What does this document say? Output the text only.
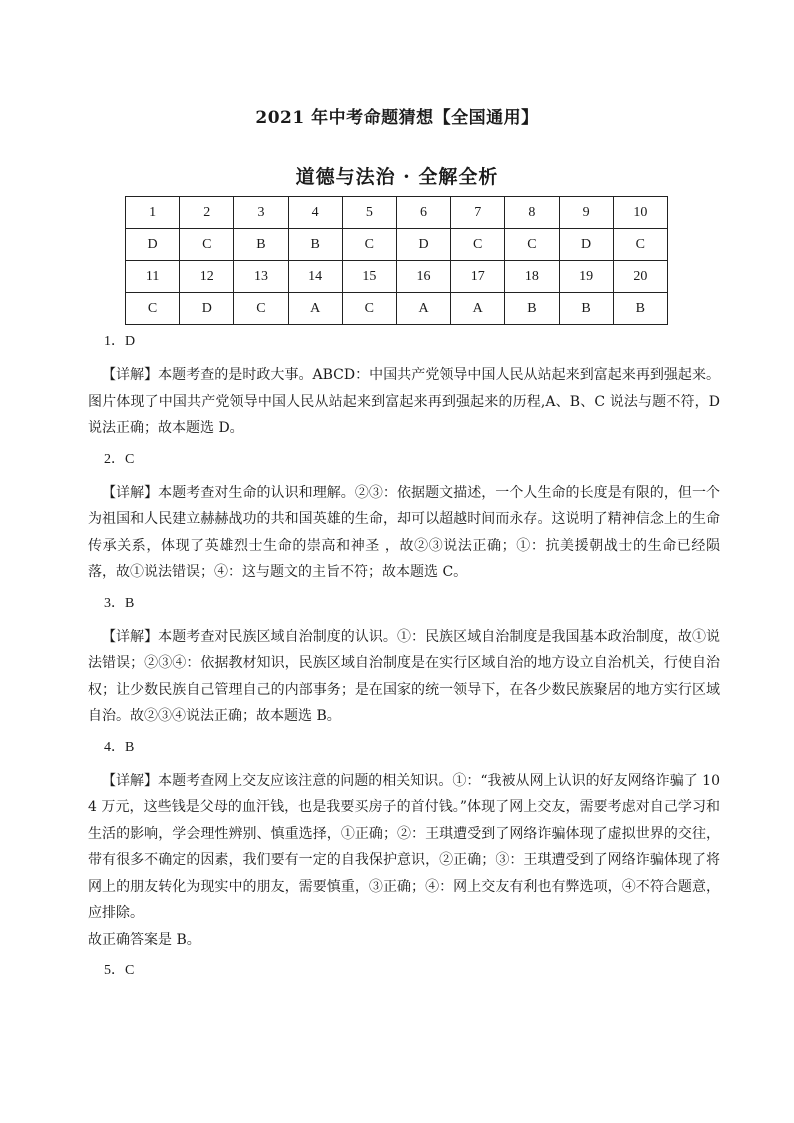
2021 年中考命题猜想【全国通用】
道德与法治 · 全解全析
1	2	3	4	5	6	7	8	9	10
D	C	B	B	C	D	C	C	D	C
11	12	13	14	15	16	17	18	19	20
C	D	C	A	C	A	A	B	B	B

1．D

【详解】本题考查的是时政大事。ABCD：中国共产党领导中国人民从站起来到富起来再到强起来。图片体现了中国共产党领导中国人民从站起来到富起来再到强起来的历程,A、B、C 说法与题不符，D 说法正确；故本题选 D。

2．C

【详解】本题考查对生命的认识和理解。②③：依据题文描述，一个人生命的长度是有限的，但一个为祖国和人民建立赫赫战功的共和国英雄的生命，却可以超越时间而永存。这说明了精神信念上的生命传承关系，体现了英雄烈士生命的崇高和神圣 ，故②③说法正确；①：抗美援朝战士的生命已经陨落，故①说法错误；④：这与题文的主旨不符；故本题选 C。

3．B

【详解】本题考查对民族区域自治制度的认识。①：民族区域自治制度是我国基本政治制度，故①说法错误；②③④：依据教材知识，民族区域自治制度是在实行区域自治的地方设立自治机关，行使自治权；让少数民族自己管理自己的内部事务；是在国家的统一领导下，在各少数民族聚居的地方实行区域自治。故②③④说法正确；故本题选 B。

4．B

【详解】本题考查网上交友应该注意的问题的相关知识。①：“我被从网上认识的好友网络诈骗了 104 万元，这些钱是父母的血汗钱，也是我要买房子的首付钱。”体现了网上交友，需要考虑对自己学习和生活的影响，学会理性辨别、慎重选择，①正确；②：王琪遭受到了网络诈骗体现了虚拟世界的交往，带有很多不确定的因素，我们要有一定的自我保护意识，②正确；③：王琪遭受到了网络诈骗体现了将网上的朋友转化为现实中的朋友，需要慎重，③正确；④：网上交友有利也有弊选项，④不符合题意，应排除。

故正确答案是 B。

5．C
